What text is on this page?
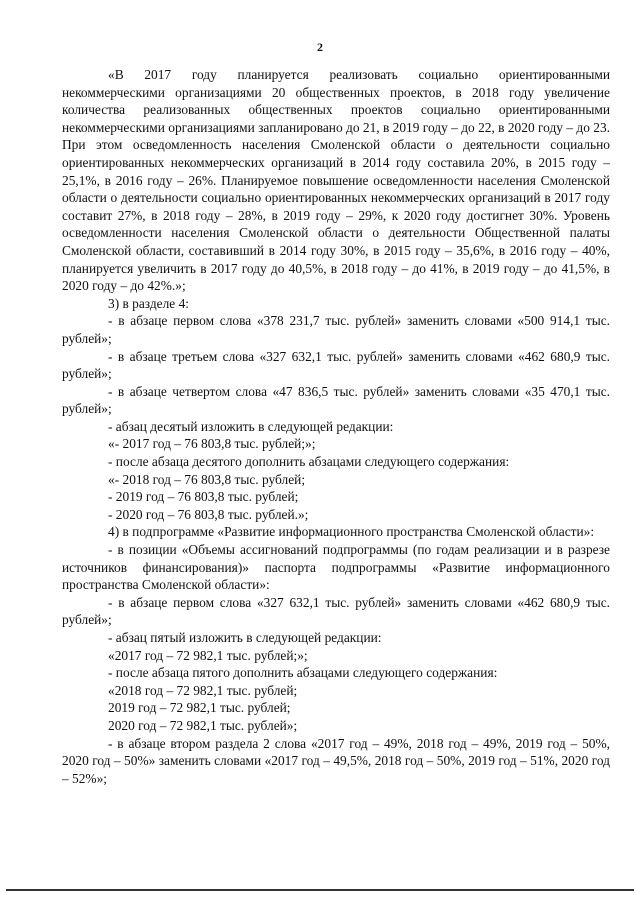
2

«В 2017 году планируется реализовать социально ориентированными некоммерческими организациями 20 общественных проектов, в 2018 году увеличение количества реализованных общественных проектов социально ориентированными некоммерческими организациями запланировано до 21, в 2019 году – до 22, в 2020 году – до 23. При этом осведомленность населения Смоленской области о деятельности социально ориентированных некоммерческих организаций в 2014 году составила 20%, в 2015 году – 25,1%, в 2016 году – 26%. Планируемое повышение осведомленности населения Смоленской области о деятельности социально ориентированных некоммерческих организаций в 2017 году составит 27%, в 2018 году – 28%, в 2019 году – 29%, к 2020 году достигнет 30%. Уровень осведомленности населения Смоленской области о деятельности Общественной палаты Смоленской области, составивший в 2014 году 30%, в 2015 году – 35,6%, в 2016 году – 40%, планируется увеличить в 2017 году до 40,5%, в 2018 году – до 41%, в 2019 году – до 41,5%, в 2020 году – до 42%.»;

3) в разделе 4:

- в абзаце первом слова «378 231,7 тыс. рублей» заменить словами «500 914,1 тыс. рублей»;

- в абзаце третьем слова «327 632,1 тыс. рублей» заменить словами «462 680,9 тыс. рублей»;

- в абзаце четвертом слова «47 836,5 тыс. рублей» заменить словами «35 470,1 тыс. рублей»;

- абзац десятый изложить в следующей редакции:

«- 2017 год – 76 803,8 тыс. рублей;»;

- после абзаца десятого дополнить абзацами следующего содержания:

«- 2018 год – 76 803,8 тыс. рублей;

- 2019 год – 76 803,8 тыс. рублей;

- 2020 год – 76 803,8 тыс. рублей.»;

4) в подпрограмме «Развитие информационного пространства Смоленской области»:

- в позиции «Объемы ассигнований подпрограммы (по годам реализации и в разрезе источников финансирования)» паспорта подпрограммы «Развитие информационного пространства Смоленской области»:

- в абзаце первом слова «327 632,1 тыс. рублей» заменить словами «462 680,9 тыс. рублей»;

- абзац пятый изложить в следующей редакции:

«2017 год – 72 982,1 тыс. рублей;»;

- после абзаца пятого дополнить абзацами следующего содержания:

«2018 год – 72 982,1 тыс. рублей;

2019 год – 72 982,1 тыс. рублей;

2020 год – 72 982,1 тыс. рублей»;

- в абзаце втором раздела 2 слова «2017 год – 49%, 2018 год – 49%, 2019 год – 50%, 2020 год – 50%» заменить словами «2017 год – 49,5%, 2018 год – 50%, 2019 год – 51%, 2020 год – 52%»;
